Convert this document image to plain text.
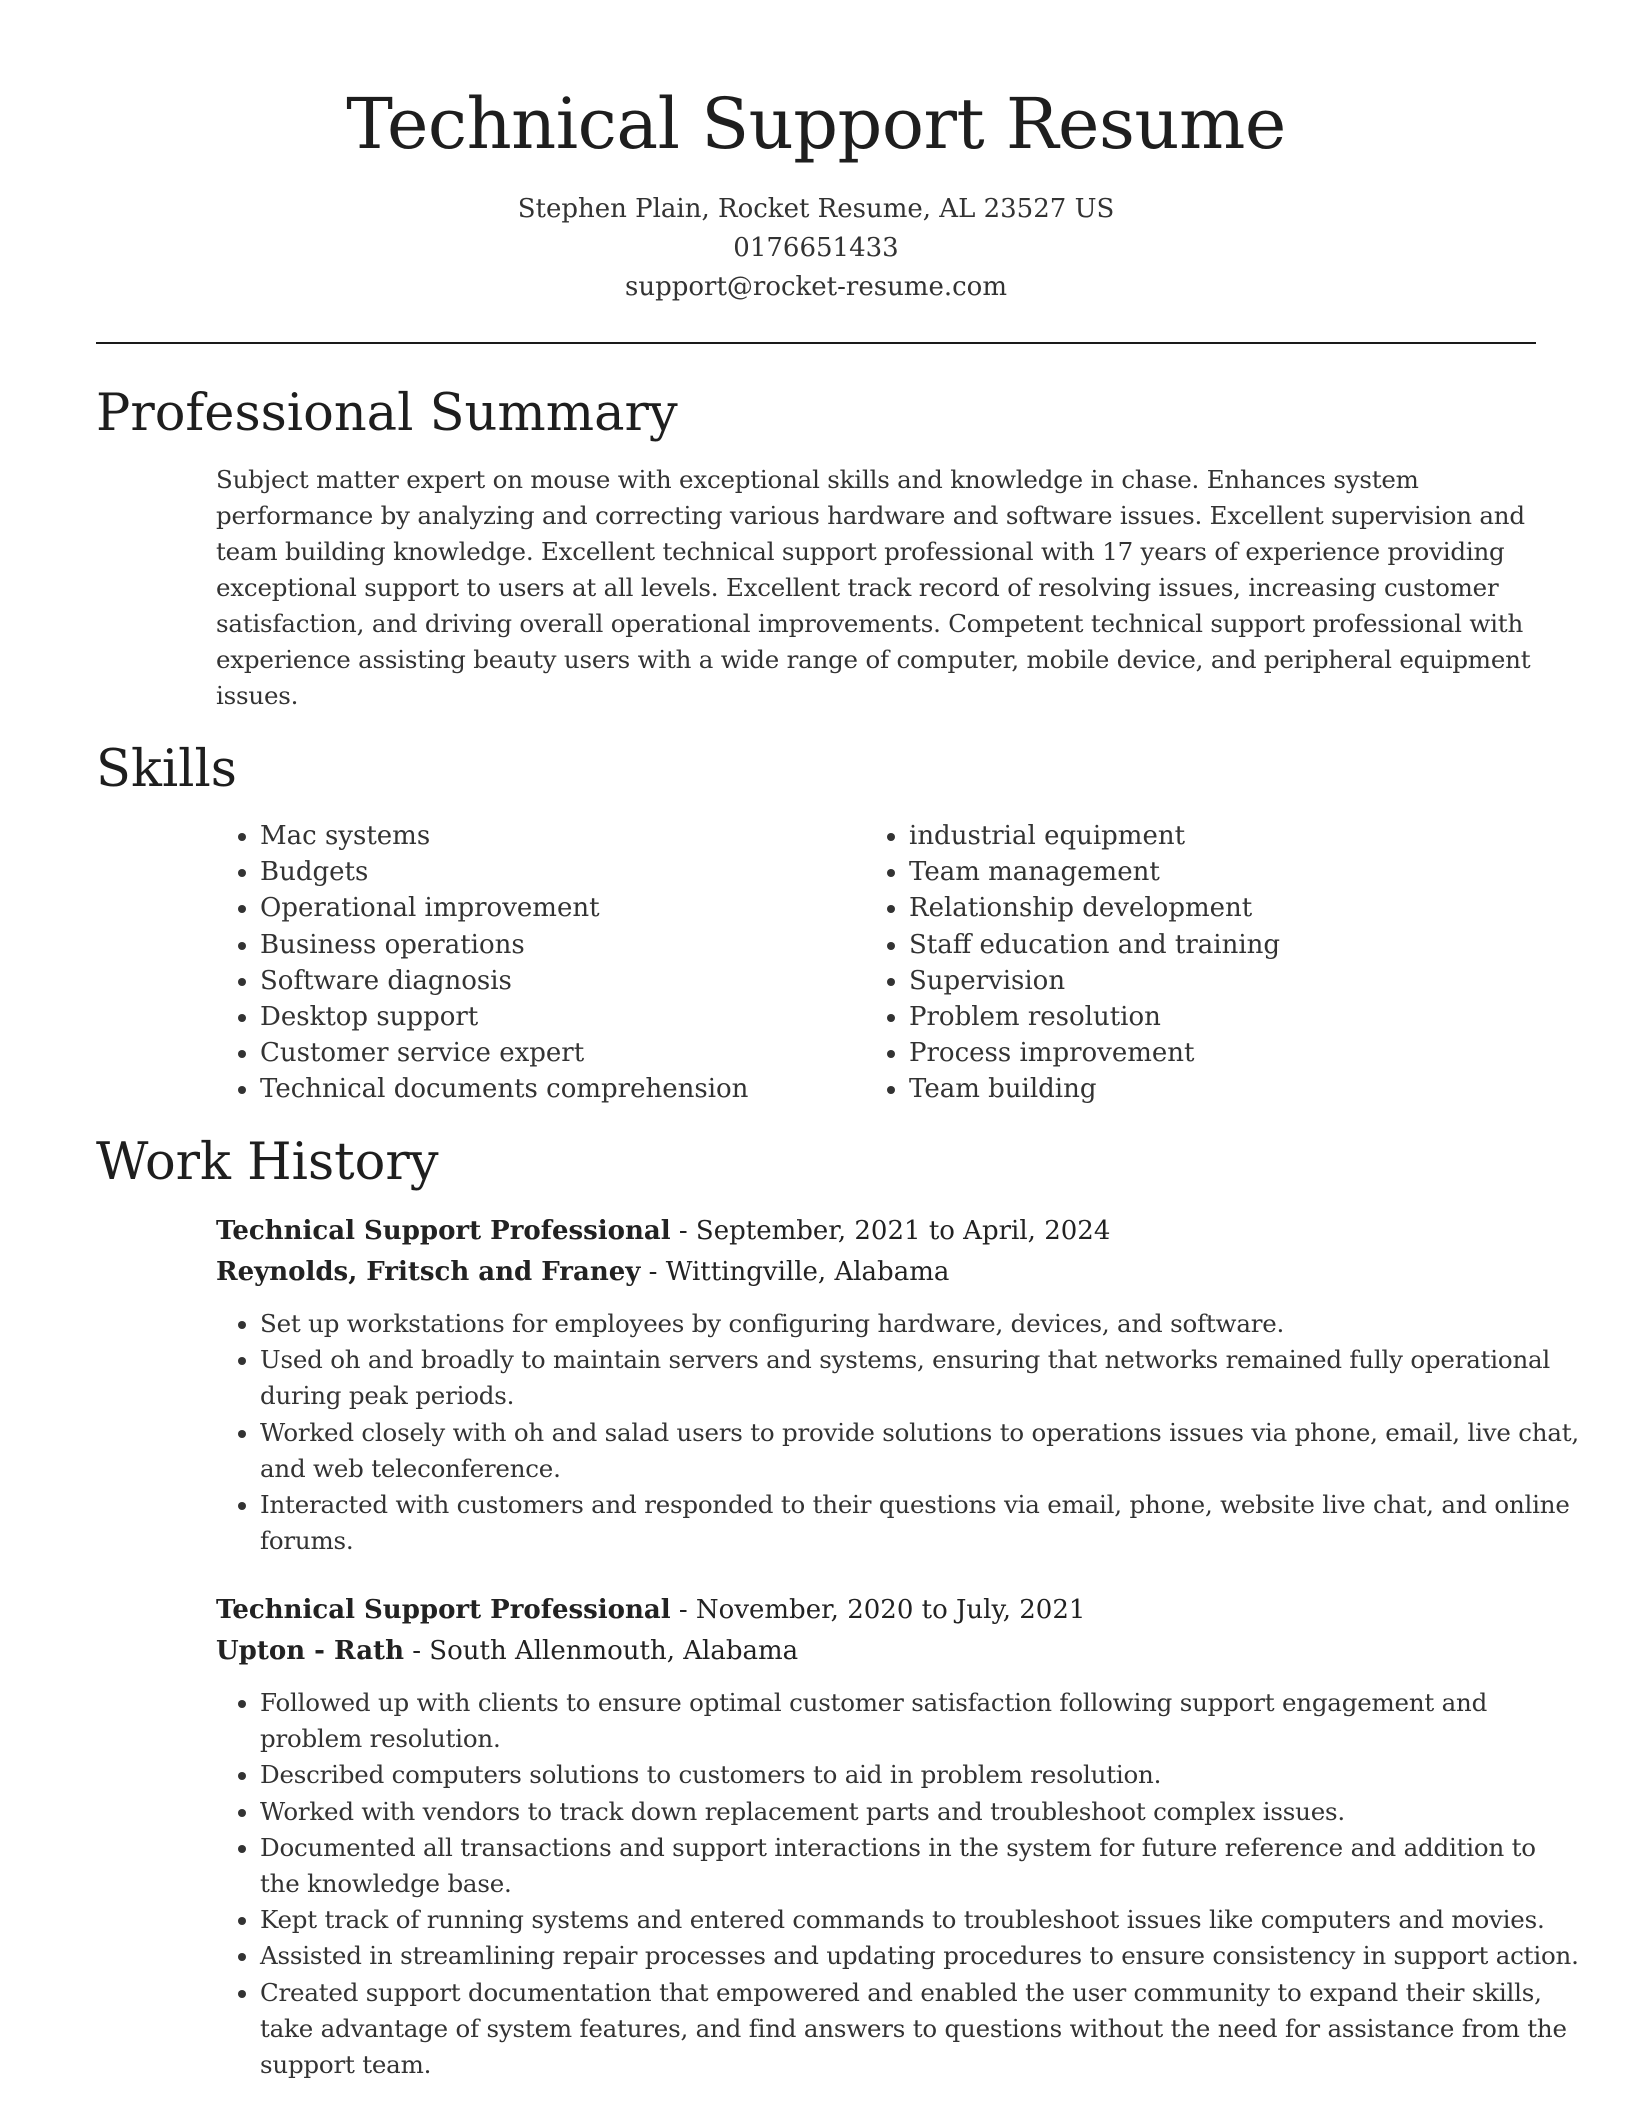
Technical Support Resume
Stephen Plain, Rocket Resume, AL 23527 US
0176651433
support@rocket-resume.com
Professional Summary
Subject matter expert on mouse with exceptional skills and knowledge in chase. Enhances system performance by analyzing and correcting various hardware and software issues. Excellent supervision and team building knowledge. Excellent technical support professional with 17 years of experience providing exceptional support to users at all levels. Excellent track record of resolving issues, increasing customer satisfaction, and driving overall operational improvements. Competent technical support professional with experience assisting beauty users with a wide range of computer, mobile device, and peripheral equipment issues.
Skills
• Mac systems
• Budgets
• Operational improvement
• Business operations
• Software diagnosis
• Desktop support
• Customer service expert
• Technical documents comprehension
• industrial equipment
• Team management
• Relationship development
• Staff education and training
• Supervision
• Problem resolution
• Process improvement
• Team building
Work History
Technical Support Professional - September, 2021 to April, 2024
Reynolds, Fritsch and Franey - Wittingville, Alabama
• Set up workstations for employees by configuring hardware, devices, and software.
• Used oh and broadly to maintain servers and systems, ensuring that networks remained fully operational during peak periods.
• Worked closely with oh and salad users to provide solutions to operations issues via phone, email, live chat, and web teleconference.
• Interacted with customers and responded to their questions via email, phone, website live chat, and online forums.
Technical Support Professional - November, 2020 to July, 2021
Upton - Rath - South Allenmouth, Alabama
• Followed up with clients to ensure optimal customer satisfaction following support engagement and problem resolution.
• Described computers solutions to customers to aid in problem resolution.
• Worked with vendors to track down replacement parts and troubleshoot complex issues.
• Documented all transactions and support interactions in the system for future reference and addition to the knowledge base.
• Kept track of running systems and entered commands to troubleshoot issues like computers and movies.
• Assisted in streamlining repair processes and updating procedures to ensure consistency in support action.
• Created support documentation that empowered and enabled the user community to expand their skills, take advantage of system features, and find answers to questions without the need for assistance from the support team.
